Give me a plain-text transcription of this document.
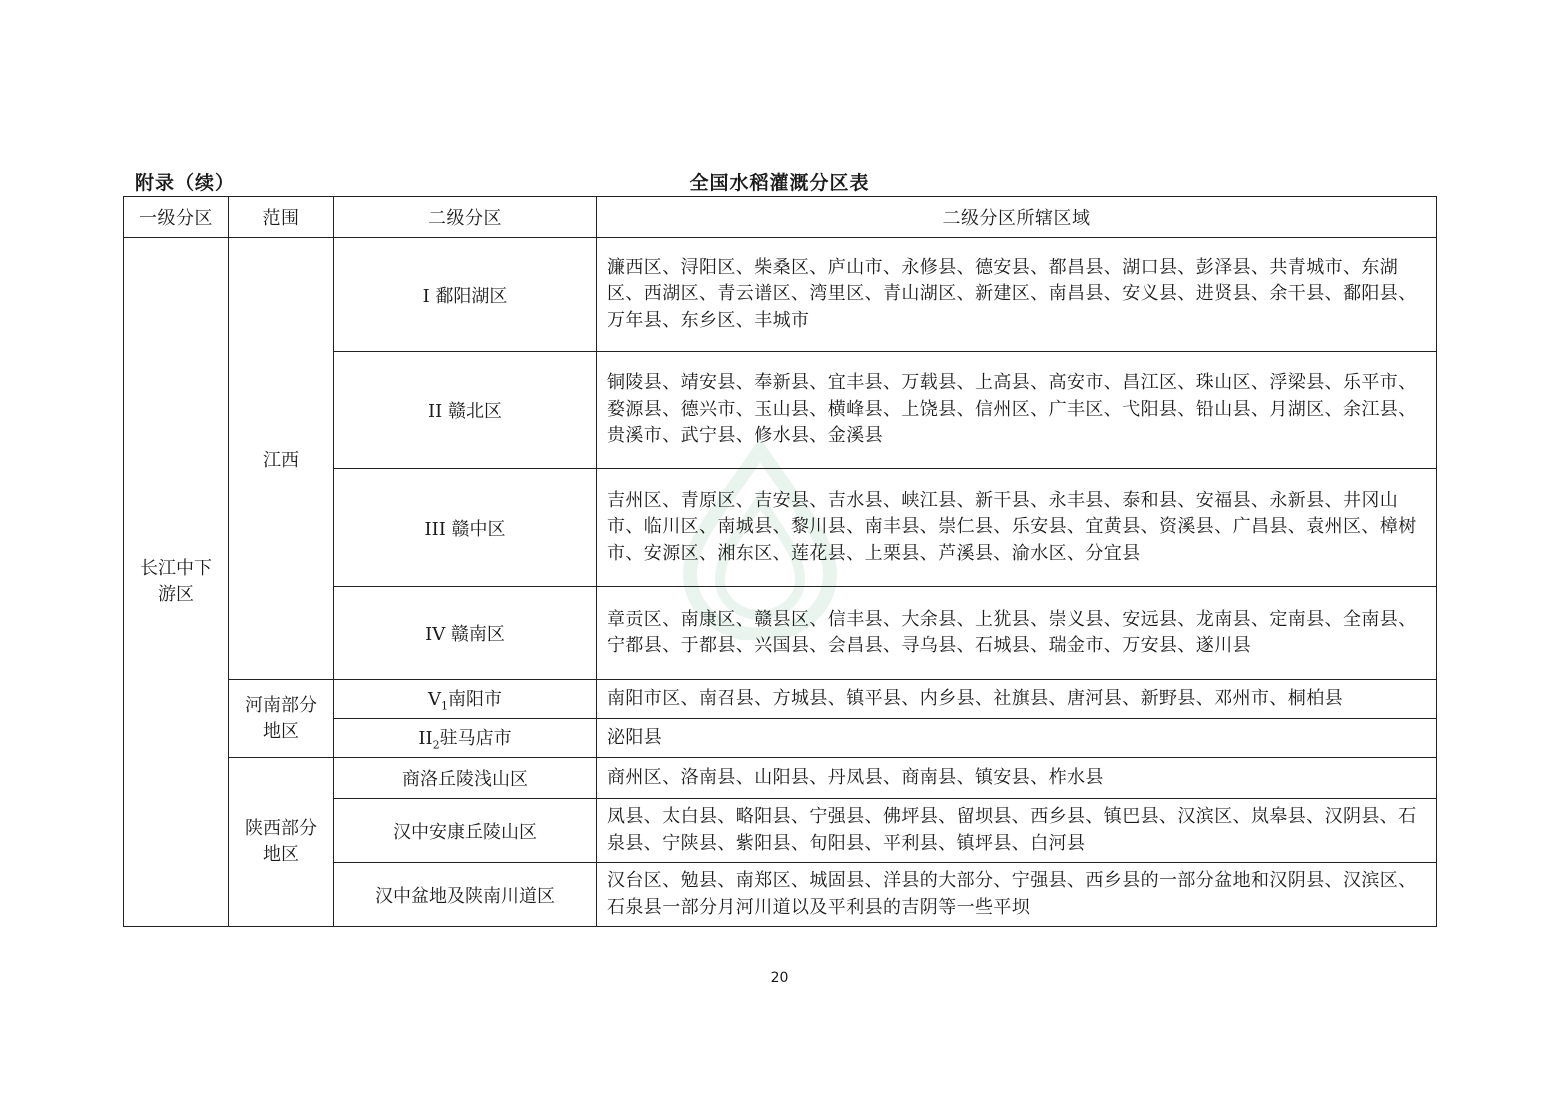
附录（续）	全国水稻灌溉分区表
一级分区	范围	二级分区	二级分区所辖区域

长江中下游区	江西	I 鄱阳湖区	濂西区、浔阳区、柴桑区、庐山市、永修县、德安县、都昌县、湖口县、彭泽县、共青城市、东湖区、西湖区、青云谱区、湾里区、青山湖区、新建区、南昌县、安义县、进贤县、余干县、鄱阳县、万年县、东乡区、丰城市
		II 赣北区	铜陵县、靖安县、奉新县、宜丰县、万载县、上高县、高安市、昌江区、珠山区、浮梁县、乐平市、婺源县、德兴市、玉山县、横峰县、上饶县、信州区、广丰区、弋阳县、铅山县、月湖区、余江县、贵溪市、武宁县、修水县、金溪县
		III 赣中区	吉州区、青原区、吉安县、吉水县、峡江县、新干县、永丰县、泰和县、安福县、永新县、井冈山市、临川区、南城县、黎川县、南丰县、崇仁县、乐安县、宜黄县、资溪县、广昌县、袁州区、樟树市、安源区、湘东区、莲花县、上栗县、芦溪县、渝水区、分宜县
		IV 赣南区	章贡区、南康区、赣县区、信丰县、大余县、上犹县、崇义县、安远县、龙南县、定南县、全南县、宁都县、于都县、兴国县、会昌县、寻乌县、石城县、瑞金市、万安县、遂川县

	河南部分地区	$V_1$南阳市	南阳市区、南召县、方城县、镇平县、内乡县、社旗县、唐河县、新野县、邓州市、桐柏县
		$II_2$驻马店市	泌阳县

	陕西部分地区	商洛丘陵浅山区	商州区、洛南县、山阳县、丹凤县、商南县、镇安县、柞水县
		汉中安康丘陵山区	凤县、太白县、略阳县、宁强县、佛坪县、留坝县、西乡县、镇巴县、汉滨区、岚皋县、汉阴县、石泉县、宁陕县、紫阳县、旬阳县、平利县、镇坪县、白河县
		汉中盆地及陕南川道区	汉台区、勉县、南郑区、城固县、洋县的大部分、宁强县、西乡县的一部分盆地和汉阴县、汉滨区、石泉县一部分月河川道以及平利县的吉阴等一些平坝
20
